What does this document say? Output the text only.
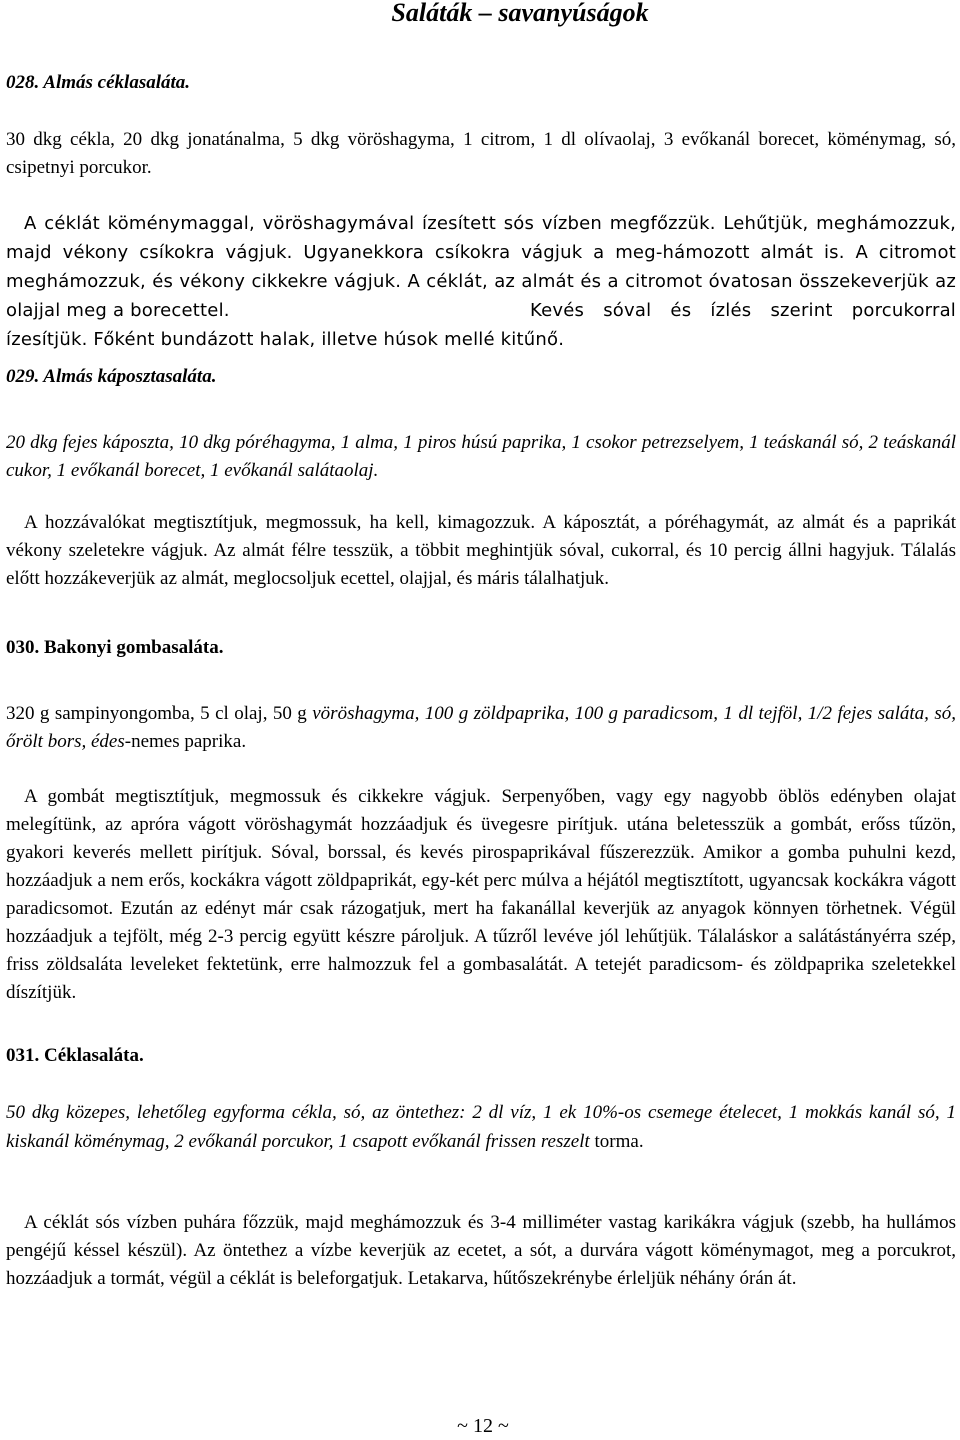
Saláták – savanyúságok

028. Almás céklasaláta.

30 dkg cékla, 20 dkg jonatánalma, 5 dkg vöröshagyma, 1 citrom, 1 dl olívaolaj, 3 evőkanál borecet, köménymag, só, csipetnyi porcukor.

A céklát köménymaggal, vöröshagymával ízesített sós vízben megfőzzük. Lehűtjük, meghámozzuk, majd vékony csíkokra vágjuk. Ugyanekkora csíkokra vágjuk a meg-hámozott almát is. A citromot meghámozzuk, és vékony cikkekre vágjuk. A céklát, az almát és a citromot óvatosan összekeverjük az olajjal meg a borecettel.	Kevés sóval és ízlés szerint porcukorral ízesítjük. Főként bundázott halak, illetve húsok mellé kitűnő.

029. Almás káposztasaláta.

20 dkg fejes káposzta, 10 dkg póréhagyma, 1 alma, 1 piros húsú paprika, 1 csokor petrezselyem, 1 teáskanál só, 2 teáskanál cukor, 1 evőkanál borecet, 1 evőkanál salátaolaj.

A hozzávalókat megtisztítjuk, megmossuk, ha kell, kimagozzuk. A káposztát, a póréhagymát, az almát és a paprikát vékony szeletekre vágjuk. Az almát félre tesszük, a többit meghintjük sóval, cukorral, és 10 percig állni hagyjuk. Tálalás előtt hozzákeverjük az almát, meglocsoljuk ecettel, olajjal, és máris tálalhatjuk.

030. Bakonyi gombasaláta.

320 g sampinyongomba, 5 cl olaj, 50 g vöröshagyma, 100 g zöldpaprika, 100 g paradicsom, 1 dl tejföl, 1/2 fejes saláta, só, őrölt bors, édes-nemes paprika.

A gombát megtisztítjuk, megmossuk és cikkekre vágjuk. Serpenyőben, vagy egy nagyobb öblös edényben olajat melegítünk, az apróra vágott vöröshagymát hozzáadjuk és üvegesre pirítjuk. utána beletesszük a gombát, erőss tűzön, gyakori keverés mellett pirítjuk. Sóval, borssal, és kevés pirospaprikával fűszerezzük. Amikor a gomba puhulni kezd, hozzáadjuk a nem erős, kockákra vágott zöldpaprikát, egy-két perc múlva a héjától megtisztított, ugyancsak kockákra vágott paradicsomot. Ezután az edényt már csak rázogatjuk, mert ha fakanállal keverjük az anyagok könnyen törhetnek. Végül hozzáadjuk a tejfölt, még 2-3 percig együtt készre pároljuk. A tűzről levéve jól lehűtjük. Tálaláskor a salátástányérra szép, friss zöldsaláta leveleket fektetünk, erre halmozzuk fel a gombasalátát. A tetejét paradicsom- és zöldpaprika szeletekkel díszítjük.

031. Céklasaláta.

50 dkg közepes, lehetőleg egyforma cékla, só, az öntethez: 2 dl víz, 1 ek 10%-os csemege ételecet, 1 mokkás kanál só, 1 kiskanál köménymag, 2 evőkanál porcukor, 1 csapott evőkanál frissen reszelt torma.

A céklát sós vízben puhára főzzük, majd meghámozzuk és 3-4 milliméter vastag karikákra vágjuk (szebb, ha hullámos pengéjű késsel készül). Az öntethez a vízbe keverjük az ecetet, a sót, a durvára vágott köménymagot, meg a porcukrot, hozzáadjuk a tormát, végül a céklát is beleforgatjuk. Letakarva, hűtőszekrénybe érleljük néhány órán át.

~ 12 ~
